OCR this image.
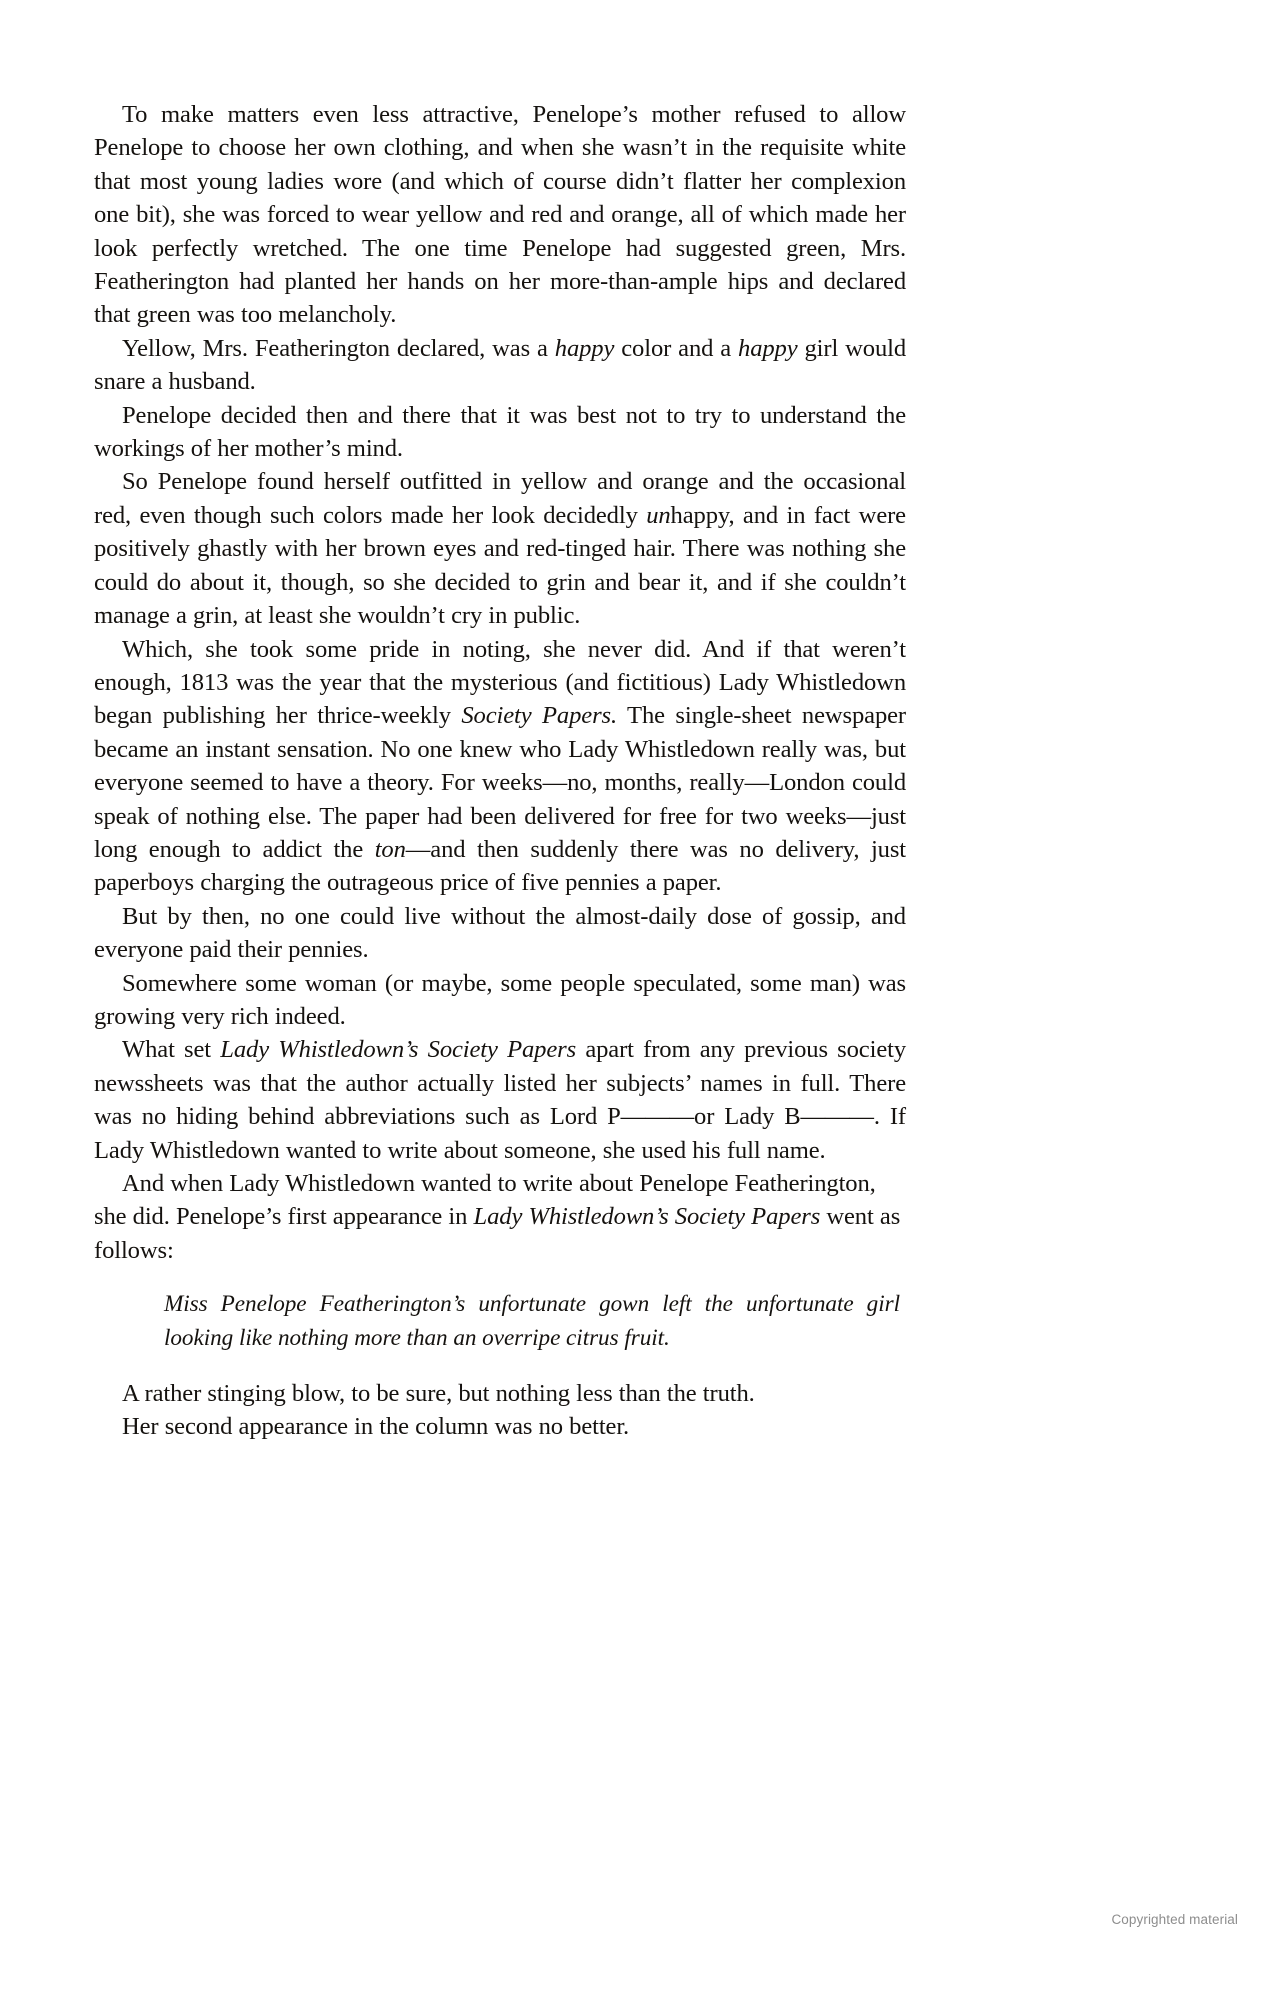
To make matters even less attractive, Penelope’s mother refused to allow Penelope to choose her own clothing, and when she wasn’t in the requisite white that most young ladies wore (and which of course didn’t flatter her complexion one bit), she was forced to wear yellow and red and orange, all of which made her look perfectly wretched. The one time Penelope had suggested green, Mrs. Featherington had planted her hands on her more-than-ample hips and declared that green was too melancholy.

Yellow, Mrs. Featherington declared, was a happy color and a happy girl would snare a husband.

Penelope decided then and there that it was best not to try to understand the workings of her mother’s mind.

So Penelope found herself outfitted in yellow and orange and the occasional red, even though such colors made her look decidedly unhappy, and in fact were positively ghastly with her brown eyes and red-tinged hair. There was nothing she could do about it, though, so she decided to grin and bear it, and if she couldn’t manage a grin, at least she wouldn’t cry in public.

Which, she took some pride in noting, she never did. And if that weren’t enough, 1813 was the year that the mysterious (and fictitious) Lady Whistledown began publishing her thrice-weekly Society Papers. The single-sheet newspaper became an instant sensation. No one knew who Lady Whistledown really was, but everyone seemed to have a theory. For weeks—no, months, really—London could speak of nothing else. The paper had been delivered for free for two weeks—just long enough to addict the ton—and then suddenly there was no delivery, just paperboys charging the outrageous price of five pennies a paper.

But by then, no one could live without the almost-daily dose of gossip, and everyone paid their pennies.

Somewhere some woman (or maybe, some people speculated, some man) was growing very rich indeed.

What set Lady Whistledown’s Society Papers apart from any previous society newssheets was that the author actually listed her subjects’ names in full. There was no hiding behind abbreviations such as Lord P———or Lady B———. If Lady Whistledown wanted to write about someone, she used his full name.

And when Lady Whistledown wanted to write about Penelope Featherington, she did. Penelope’s first appearance in Lady Whistledown’s Society Papers went as follows:

Miss Penelope Featherington’s unfortunate gown left the unfortunate girl looking like nothing more than an overripe citrus fruit.

A rather stinging blow, to be sure, but nothing less than the truth.

Her second appearance in the column was no better.

Copyrighted material
